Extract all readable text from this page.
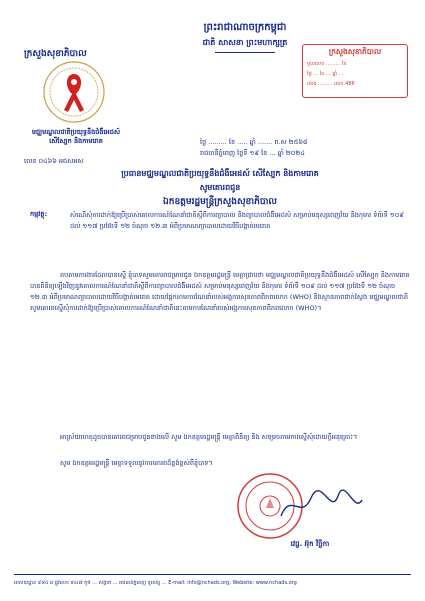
ព្រះរាជាណាចក្រកម្ពុជា
ជាតិ សាសនា ព្រះមហាក្សត្រ
ក្រសួងសុខាភិបាល
មជ្ឈមណ្ឌលជាតិប្រយុទ្ធនឹងជំងឺអេដស៍
សើស្បែក និងកាមរោគ
លេខ ០៤៦៦ អជសអស
ក្រសួងសុខាភិបាល
ចូលលេខ ......... ខែ
ថ្ងៃ ... ខែ ... ឆ្នាំ ...
ម៉ោង ......... លេខ 486
ថ្ងៃ ......... ខែ ..... ឆ្នាំ ....... ព.ស ២៥៦៨
រាជធានីភ្នំពេញ ថ្ងៃទី ១៩ ខែ ... ឆ្នាំ ២០២៤
ប្រធានមជ្ឈមណ្ឌលជាតិប្រយុទ្ធនឹងជំងឺអេដស៍ សើស្បែក និងកាមរោគ
សូមគោរពជូន
ឯកឧត្តមរដ្ឋមន្ត្រីក្រសួងសុខាភិបាល
កម្មវត្ថុ:	សំណើសុំការដាក់ឱ្យប្រើប្រាស់គោលការណ៍ណែនាំជាតិស្តីពីការព្យាបាល និងព្យាបាលជំងឺអេដស៍ សម្រាប់មនុស្សពេញវ័យ និងកុមារ ទំព័រទី ១០៩ ដល់ ១១៧ ប្រវែងទី ១២ ចំណុច ១២.៣ អំពីប្រមាណព្យាបាលដោយវិធីបង្កាត់មេរោគ
តបតាមការងារដែលបានស្នើ ខ្ញុំបាទសូមគោរពជម្រាបជូន ឯកឧត្តមរដ្ឋមន្ត្រី មេត្តាជ្រាបថា មជ្ឈមណ្ឌលជាតិប្រយុទ្ធនឹងជំងឺអេដស៍ សើស្បែក និងកាមរោគ បានពិនិត្យឡើងវិញនូវគោលការណ៍ណែនាំជាតិស្តីពីការព្យាបាលជំងឺអេដស៍ សម្រាប់មនុស្សពេញវ័យ និងកុមារ ទំព័រទី ១០៩ ដល់ ១១៧ ប្រវែងទី ១២ ចំណុច ១២.៣ អំពីប្រមាណព្យាបាលដោយវិធីបង្កាត់មេរោគ ដោយផ្អែកតាមការណែនាំរបស់អង្គការសុខភាពពិភពលោក (WHO) និងស្ថានភាពជាក់ស្តែង មជ្ឈមណ្ឌលជាតិសូមគោរពស្នើសុំការដាក់ឱ្យប្រើប្រាស់គោលការណ៍ណែនាំជាតិនេះតាមការណែនាំរបស់អង្គការសុខភាពពិភពលោក (WHO)។
អាស្រ័យហេតុដូចបានគោរពជម្រាបជូនខាងលើ សូម ឯកឧត្តមរដ្ឋមន្ត្រី មេត្តាពិនិត្យ និង សម្រេចតាមការស្នើសុំដោយក្តីអនុគ្រោះ។
សូម ឯកឧត្តមរដ្ឋមន្ត្រី មេត្តាទទួលនូវការគោរពដ៏ខ្ពង់ខ្ពស់ពីខ្ញុំបាទ។
វេជ្ជ. អ៊ុក វិច្ឆិកា
អាសយដ្ឋាន ៩៨៤ ឆ ផ្លូវលេខ ៣៤៧ ភូមិ ... សង្កាត់ ... រាជធានីភ្នំពេញ ទូរស័ព្ទ ... E-mail: info@nchads.org, Website: www.nchads.org
